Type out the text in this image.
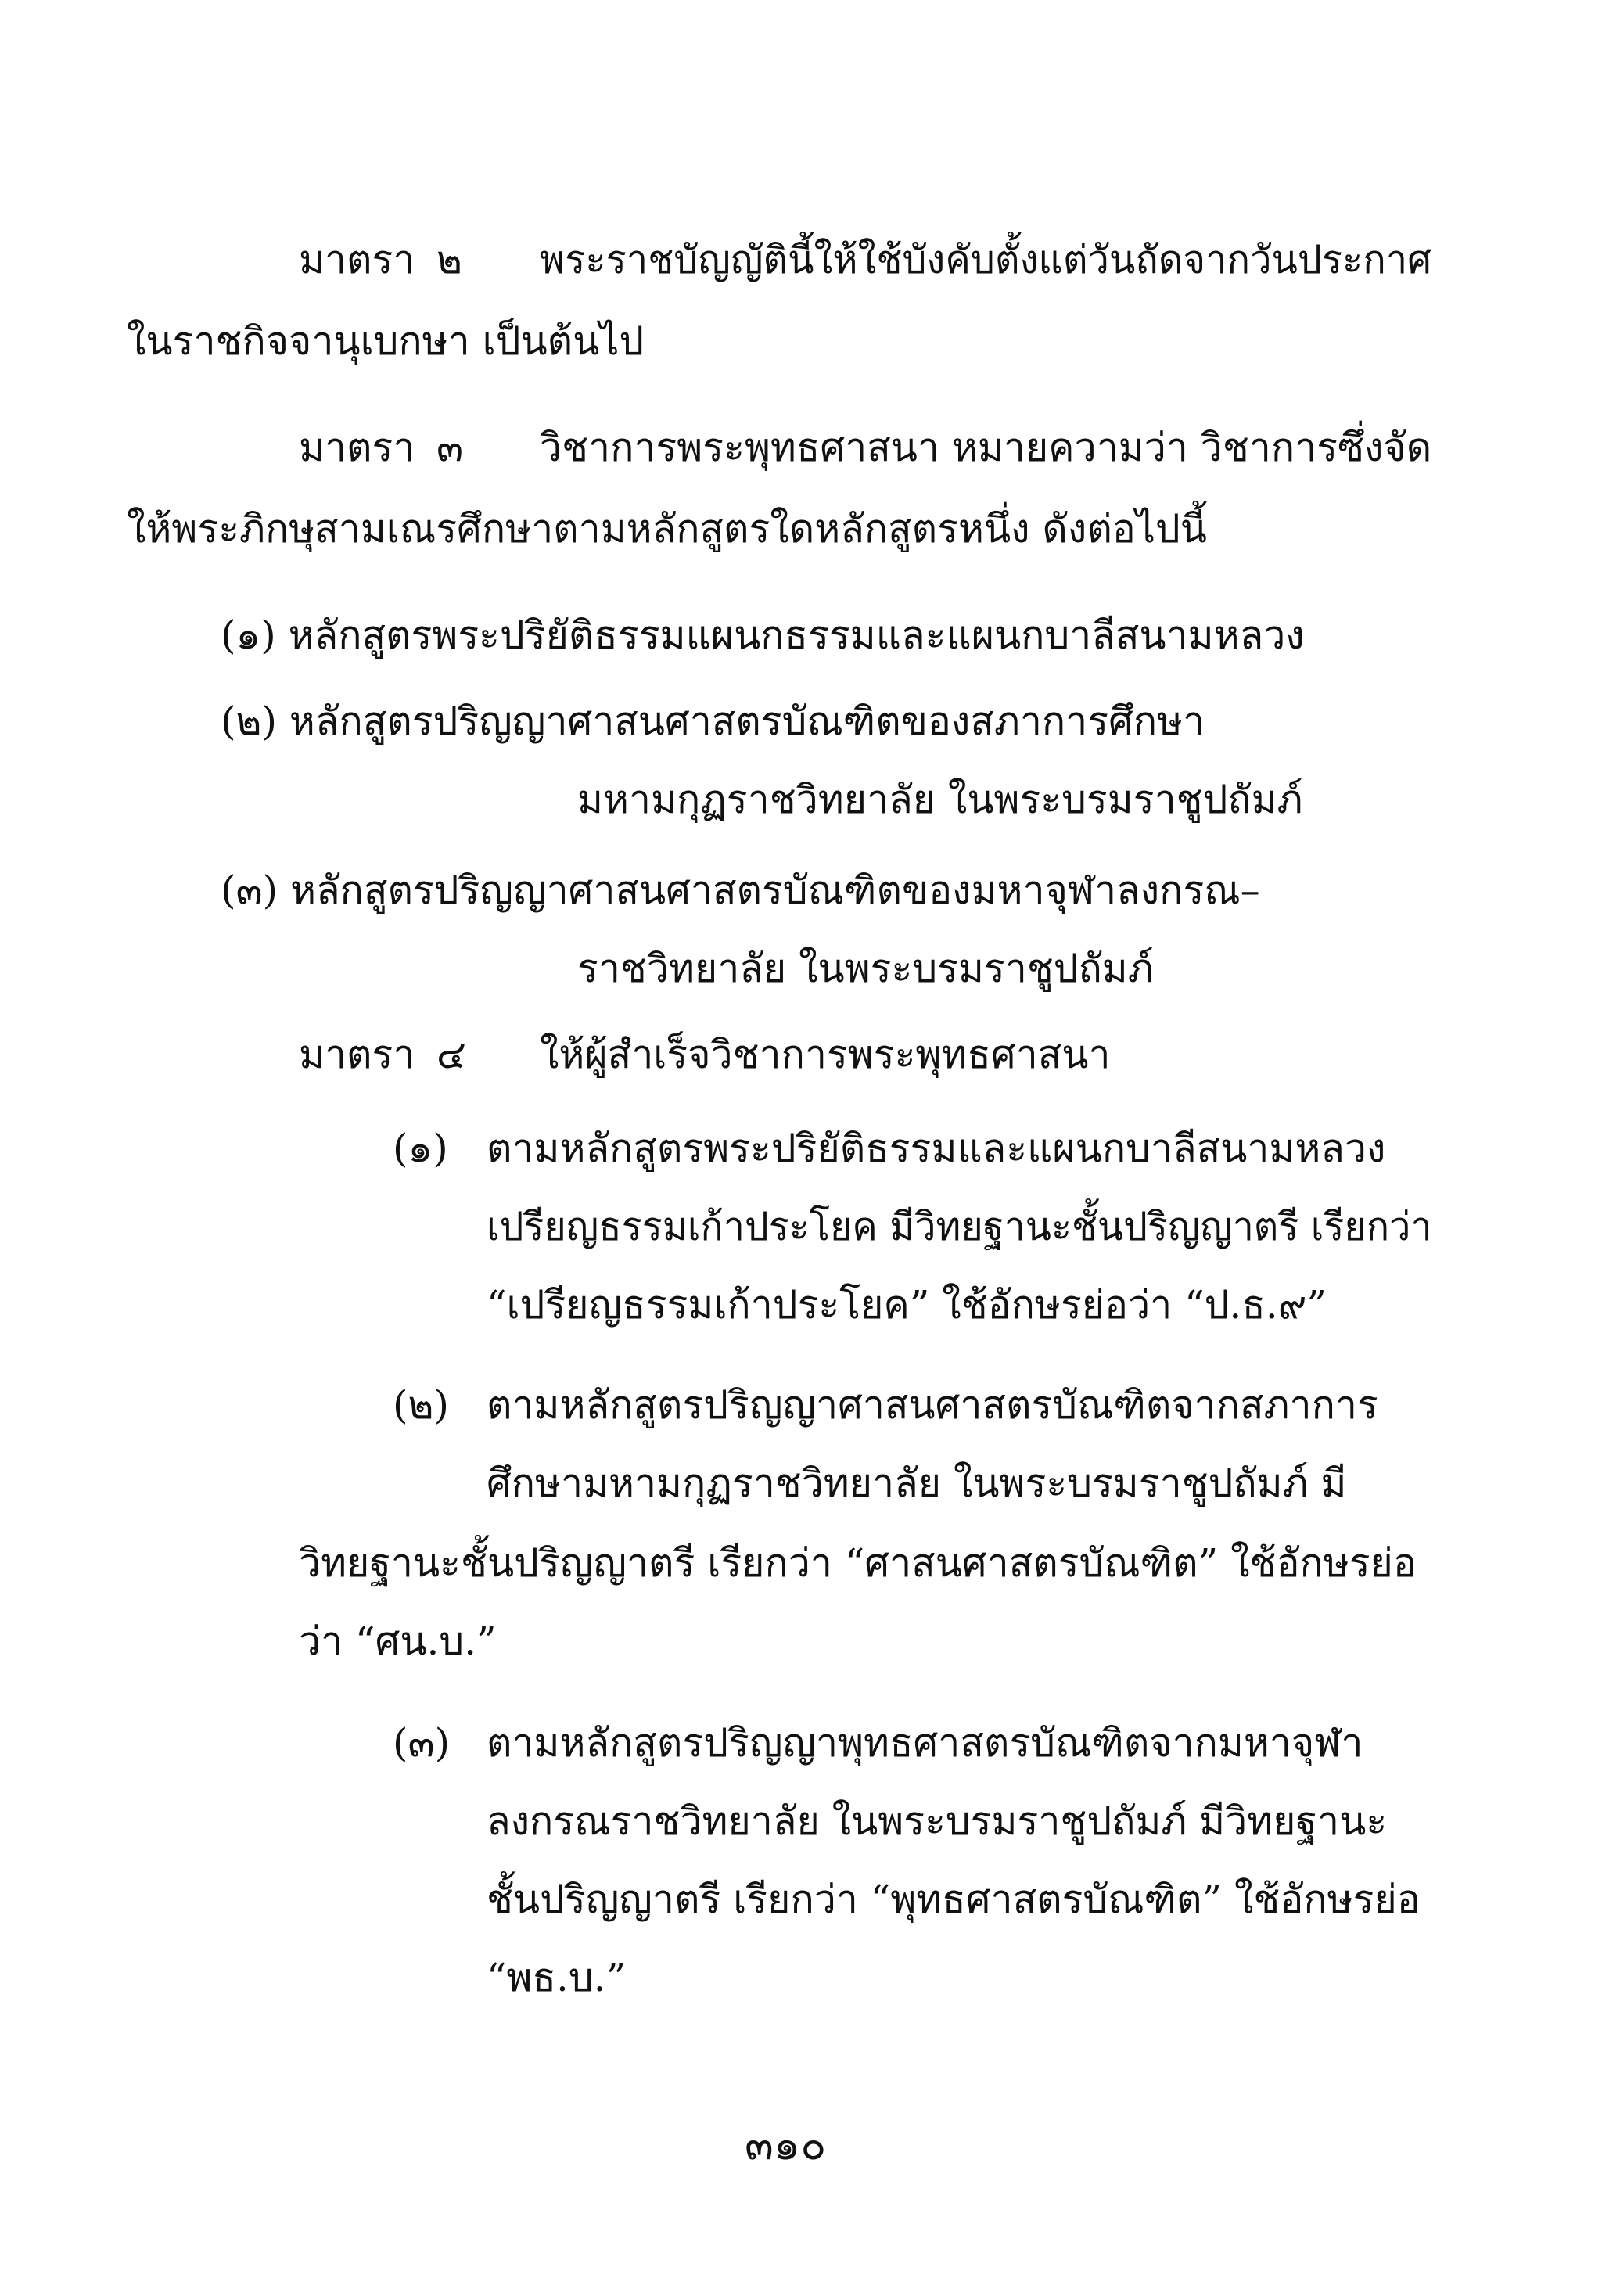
มาตรา ๒ พระราชบัญญัตินี้ให้ใช้บังคับตั้งแต่วันถัดจากวันประกาศ

ในราชกิจจานุเบกษา เป็นต้นไป

มาตรา ๓ วิชาการพระพุทธศาสนา หมายความว่า วิชาการซึ่งจัด

ให้พระภิกษุสามเณรศึกษาตามหลักสูตรใดหลักสูตรหนึ่ง ดังต่อไปนี้

(๑) หลักสูตรพระปริยัติธรรมแผนกธรรมและแผนกบาลีสนามหลวง

(๒) หลักสูตรปริญญาศาสนศาสตรบัณฑิตของสภาการศึกษา

มหามกุฏราชวิทยาลัย ในพระบรมราชูปถัมภ์

(๓) หลักสูตรปริญญาศาสนศาสตรบัณฑิตของมหาจุฬาลงกรณ–

ราชวิทยาลัย ในพระบรมราชูปถัมภ์

มาตรา ๔ ให้ผู้สำเร็จวิชาการพระพุทธศาสนา

(๑) ตามหลักสูตรพระปริยัติธรรมและแผนกบาลีสนามหลวง

เปรียญธรรมเก้าประโยค มีวิทยฐานะชั้นปริญญาตรี เรียกว่า

“เปรียญธรรมเก้าประโยค” ใช้อักษรย่อว่า “ป.ธ.๙”

(๒) ตามหลักสูตรปริญญาศาสนศาสตรบัณฑิตจากสภาการ

ศึกษามหามกุฏราชวิทยาลัย ในพระบรมราชูปถัมภ์ มี

วิทยฐานะชั้นปริญญาตรี เรียกว่า “ศาสนศาสตรบัณฑิต” ใช้อักษรย่อ

ว่า “ศน.บ.”

(๓) ตามหลักสูตรปริญญาพุทธศาสตรบัณฑิตจากมหาจุฬา

ลงกรณราชวิทยาลัย ในพระบรมราชูปถัมภ์ มีวิทยฐานะ

ชั้นปริญญาตรี เรียกว่า “พุทธศาสตรบัณฑิต” ใช้อักษรย่อ

“พธ.บ.”

๓๑๐
